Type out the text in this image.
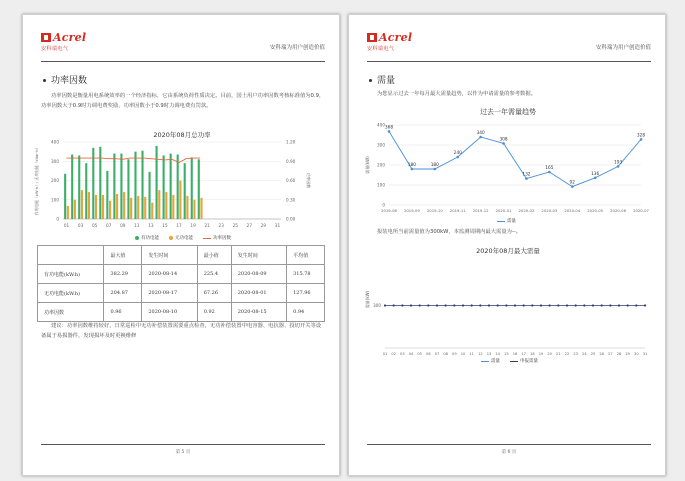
Acrel
安科瑞电气	安科瑞为用户创造价值
功率因数
功率因数是衡量用电系统效率的一个经济指标，它由系统负荷性质决定。目前，国土用户功率因数考核标准值为0.9，功率因数大于0.9时力调电费奖励，功率因数小于0.9时力调电费有罚款。
2020年08月总功率
0
100
200
300
400
0.00
0.30
0.60
0.90
1.20
有功电能（kW·h）/ 无功电能（kVar·h）	功率因数
01 03 05 07 09 11 13 15 17 19 21 23 25 27 29 31
有功电能	无功电能	功率因数
	最大值	发生时间	最小值	发生时间	平均值
有功电能(kW.h)	382.29	2020-08-14	225.4	2020-08-09	315.78
无功电能(kW.h)	204.87	2020-08-17	67.26	2020-08-01	127.96
功率因数	0.96	2020-08-10	0.92	2020-08-15	0.94
建议：功率因数维持较好，日常巡检中无功补偿装置需要重点检查，无功补偿装置中电容器、电抗器、投切开关等设备属于易损器件，发现损坏及时更换维修
第 5 页
Acrel
安科瑞电气	安科瑞为用户创造价值
需量
为您显示过去一年每月最大需量趋势，以作为申请需量的参考数据。
过去一年需量趋势
0
100
200
300
400
需量(kW)
368
2019-08
180
2019-09
180
2019-10
240
2019-11
340
2019-12
308
2020-01
132
2020-02
165
2020-03
92
2020-04
136
2020-05
193
2020-06
328
2020-07
需量
报装电所当前需量值为300kW，本监测周期内最大需量为--。
2020年08月最大需量
300
需量(kW)
01 02 03 04 05 06 07 08 09 10 11 12 13 14 15 16 17 18 19 20 21 22 23 24 25 26 27 28 29 30 31
需量	申报需量
第 6 页
